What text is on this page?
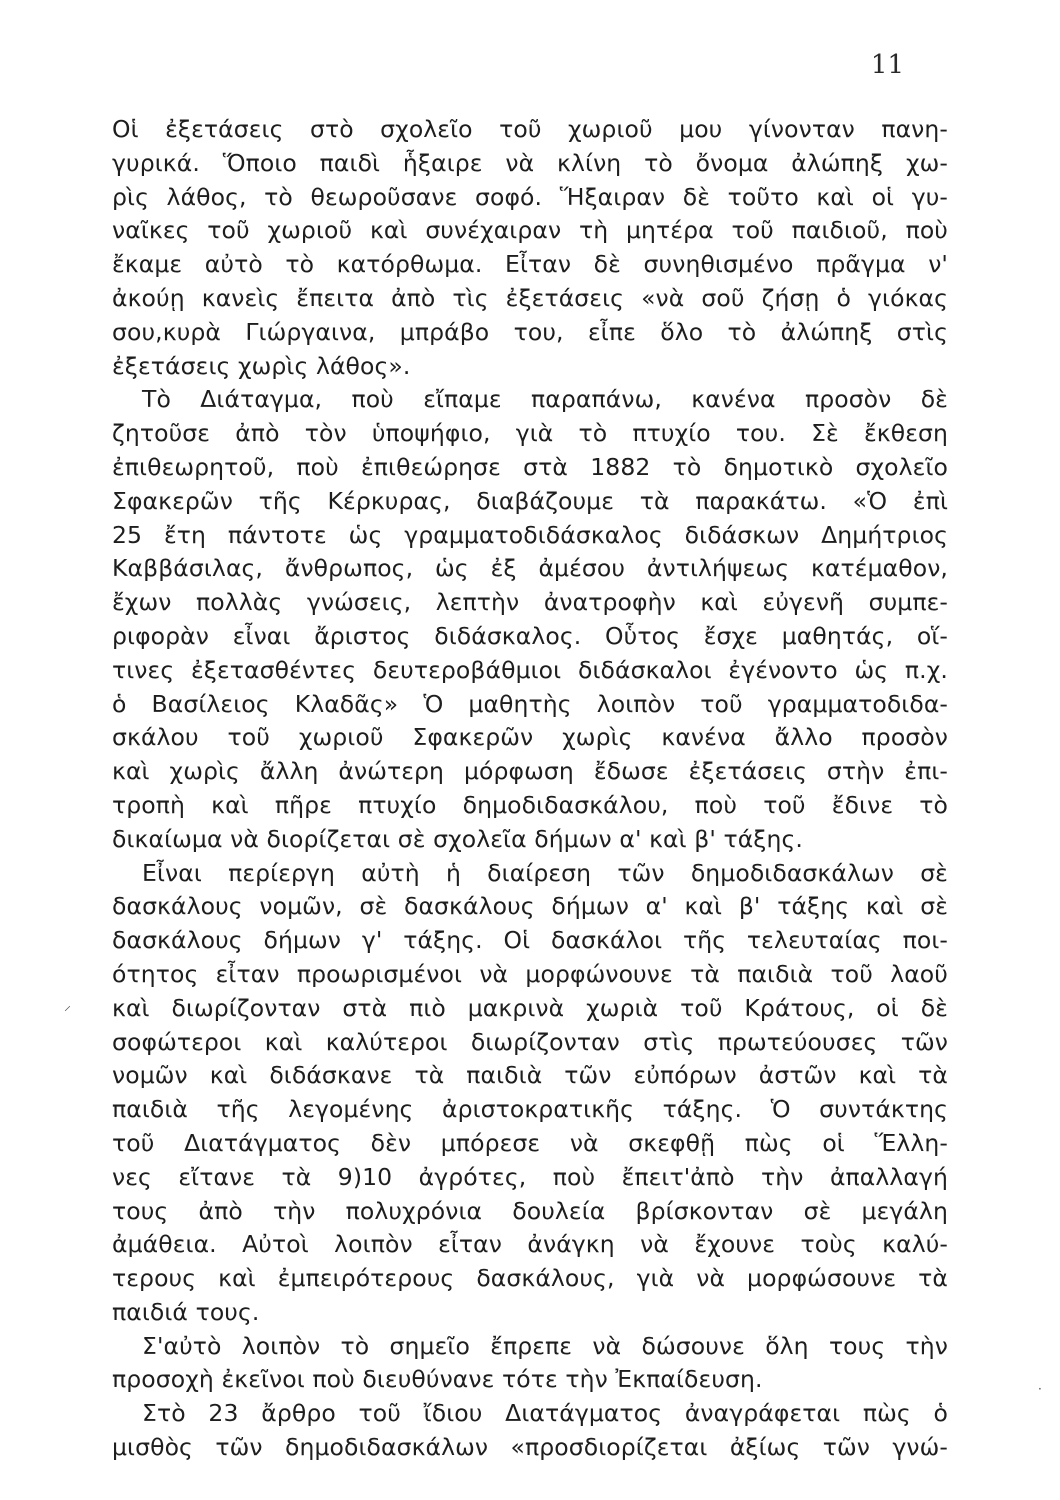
11
Οἱ ἐξετάσεις στὸ σχολεῖο τοῦ χωριοῦ μου γίνονταν πανη-
γυρικά. Ὅποιο παιδὶ ἧξαιρε νὰ κλίνη τὸ ὄνομα ἀλώπηξ χω-
ρὶς λάθος, τὸ θεωροῦσανε σοφό. Ἥξαιραν δὲ τοῦτο καὶ οἱ γυ-
ναῖκες τοῦ χωριοῦ καὶ συνέχαιραν τὴ μητέρα τοῦ παιδιοῦ, ποὺ
ἔκαμε αὐτὸ τὸ κατόρθωμα. Εἶταν δὲ συνηθισμένο πρᾶγμα ν'
ἀκούῃ κανεὶς ἔπειτα ἀπὸ τὶς ἐξετάσεις «νὰ σοῦ ζήσῃ ὁ γιόκας
σου,κυρὰ Γιώργαινα, μπράβο του, εἶπε ὅλο τὸ ἀλώπηξ στὶς
ἐξετάσεις χωρὶς λάθος».
Τὸ Διάταγμα, ποὺ εἴπαμε παραπάνω, κανένα προσὸν δὲ
ζητοῦσε ἀπὸ τὸν ὑποψήφιο, γιὰ τὸ πτυχίο του. Σὲ ἔκθεση
ἐπιθεωρητοῦ, ποὺ ἐπιθεώρησε στὰ 1882 τὸ δημοτικὸ σχολεῖο
Σφακερῶν τῆς Κέρκυρας, διαβάζουμε τὰ παρακάτω. «Ὁ ἐπὶ
25 ἔτη πάντοτε ὡς γραμματοδιδάσκαλος διδάσκων Δημήτριος
Καββάσιλας, ἄνθρωπος, ὡς ἐξ ἀμέσου ἀντιλήψεως κατέμαθον,
ἔχων πολλὰς γνώσεις, λεπτὴν ἀνατροφὴν καὶ εὐγενῆ συμπε-
ριφορὰν εἶναι ἄριστος διδάσκαλος. Οὗτος ἔσχε μαθητάς, οἵ-
τινες ἐξετασθέντες δευτεροβάθμιοι διδάσκαλοι ἐγένοντο ὡς π.χ.
ὁ Βασίλειος Κλαδᾶς» Ὁ μαθητὴς λοιπὸν τοῦ γραμματοδιδα-
σκάλου τοῦ χωριοῦ Σφακερῶν χωρὶς κανένα ἄλλο προσὸν
καὶ χωρὶς ἄλλη ἀνώτερη μόρφωση ἔδωσε ἐξετάσεις στὴν ἐπι-
τροπὴ καὶ πῆρε πτυχίο δημοδιδασκάλου, ποὺ τοῦ ἔδινε τὸ
δικαίωμα νὰ διορίζεται σὲ σχολεῖα δήμων α' καὶ β' τάξης.
Εἶναι περίεργη αὐτὴ ἡ διαίρεση τῶν δημοδιδασκάλων σὲ
δασκάλους νομῶν, σὲ δασκάλους δήμων α' καὶ β' τάξης καὶ σὲ
δασκάλους δήμων γ' τάξης. Οἱ δασκάλοι τῆς τελευταίας ποι-
ότητος εἶταν προωρισμένοι νὰ μορφώνουνε τὰ παιδιὰ τοῦ λαοῦ
καὶ διωρίζονταν στὰ πιὸ μακρινὰ χωριὰ τοῦ Κράτους, οἱ δὲ
σοφώτεροι καὶ καλύτεροι διωρίζονταν στὶς πρωτεύουσες τῶν
νομῶν καὶ διδάσκανε τὰ παιδιὰ τῶν εὐπόρων ἀστῶν καὶ τὰ
παιδιὰ τῆς λεγομένης ἀριστοκρατικῆς τάξης. Ὁ συντάκτης
τοῦ Διατάγματος δὲν μπόρεσε νὰ σκεφθῇ πὼς οἱ Ἕλλη-
νες εἴτανε τὰ 9)10 ἀγρότες, ποὺ ἔπειτ'ἀπὸ τὴν ἀπαλλαγή
τους ἀπὸ τὴν πολυχρόνια δουλεία βρίσκονταν σὲ μεγάλη
ἀμάθεια. Αὐτοὶ λοιπὸν εἶταν ἀνάγκη νὰ ἔχουνε τοὺς καλύ-
τερους καὶ ἐμπειρότερους δασκάλους, γιὰ νὰ μορφώσουνε τὰ
παιδιά τους.
Σ'αὐτὸ λοιπὸν τὸ σημεῖο ἔπρεπε νὰ δώσουνε ὅλη τους τὴν
προσοχὴ ἐκεῖνοι ποὺ διευθύνανε τότε τὴν Ἐκπαίδευση.
Στὸ 23 ἄρθρο τοῦ ἴδιου Διατάγματος ἀναγράφεται πὼς ὁ
μισθὸς τῶν δημοδιδασκάλων «προσδιορίζεται ἀξίως τῶν γνώ-
⸝
·
